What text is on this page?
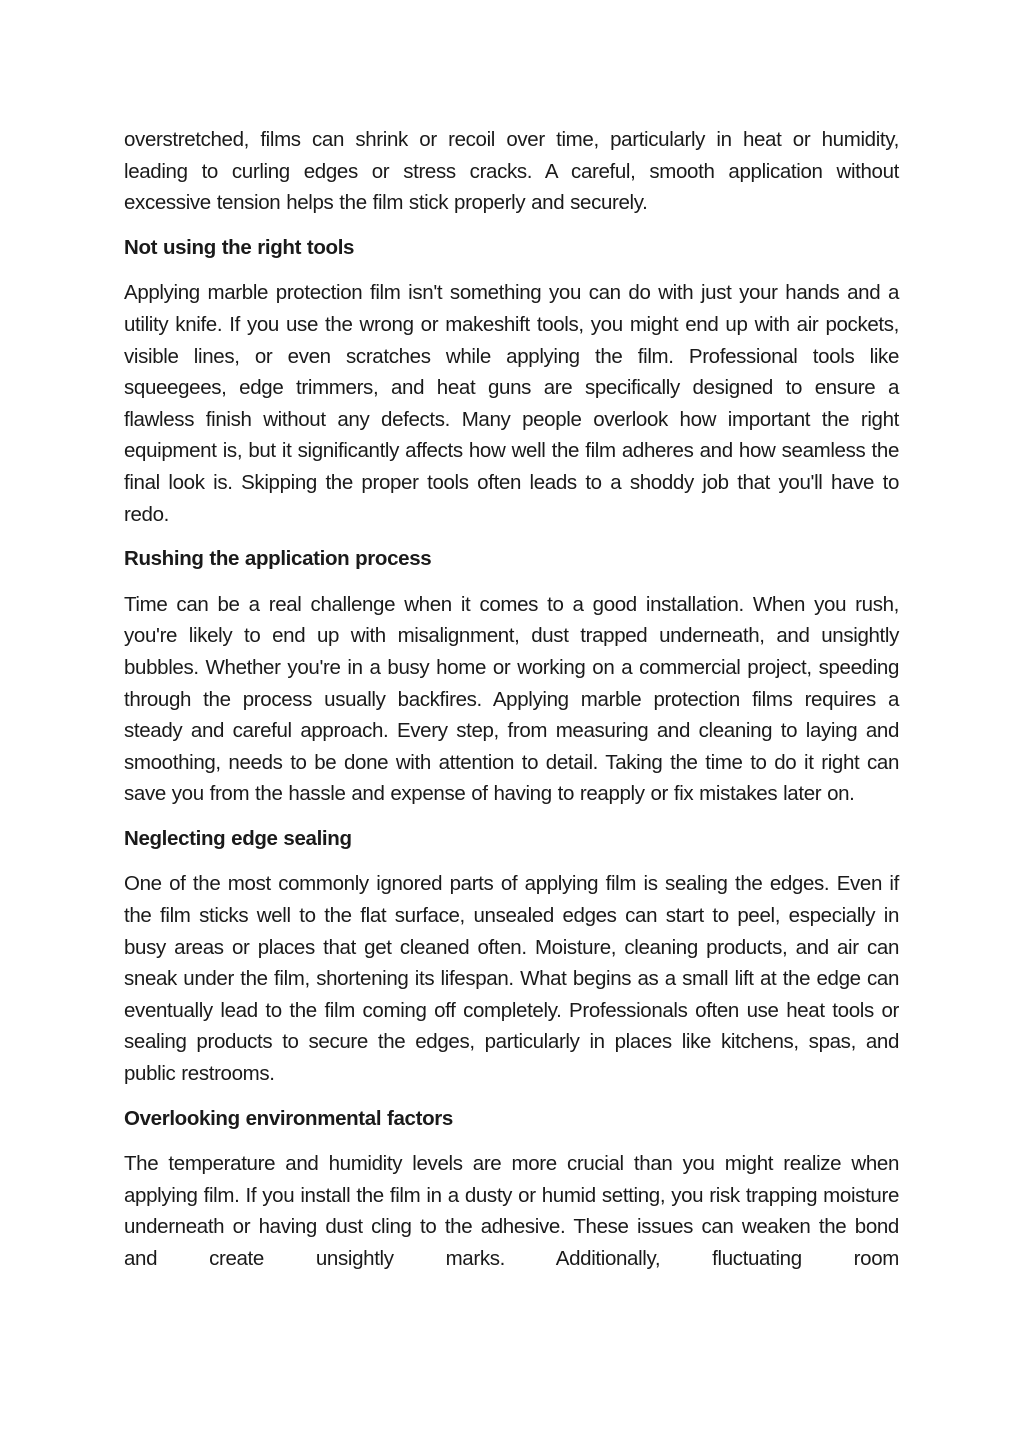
overstretched, films can shrink or recoil over time, particularly in heat or humidity, leading to curling edges or stress cracks. A careful, smooth application without excessive tension helps the film stick properly and securely.

Not using the right tools

Applying marble protection film isn't something you can do with just your hands and a utility knife. If you use the wrong or makeshift tools, you might end up with air pockets, visible lines, or even scratches while applying the film. Professional tools like squeegees, edge trimmers, and heat guns are specifically designed to ensure a flawless finish without any defects. Many people overlook how important the right equipment is, but it significantly affects how well the film adheres and how seamless the final look is. Skipping the proper tools often leads to a shoddy job that you'll have to redo.

Rushing the application process

Time can be a real challenge when it comes to a good installation. When you rush, you're likely to end up with misalignment, dust trapped underneath, and unsightly bubbles. Whether you're in a busy home or working on a commercial project, speeding through the process usually backfires. Applying marble protection films requires a steady and careful approach. Every step, from measuring and cleaning to laying and smoothing, needs to be done with attention to detail. Taking the time to do it right can save you from the hassle and expense of having to reapply or fix mistakes later on.

Neglecting edge sealing

One of the most commonly ignored parts of applying film is sealing the edges. Even if the film sticks well to the flat surface, unsealed edges can start to peel, especially in busy areas or places that get cleaned often. Moisture, cleaning products, and air can sneak under the film, shortening its lifespan. What begins as a small lift at the edge can eventually lead to the film coming off completely. Professionals often use heat tools or sealing products to secure the edges, particularly in places like kitchens, spas, and public restrooms.

Overlooking environmental factors

The temperature and humidity levels are more crucial than you might realize when applying film. If you install the film in a dusty or humid setting, you risk trapping moisture underneath or having dust cling to the adhesive. These issues can weaken the bond and create unsightly marks. Additionally, fluctuating room
